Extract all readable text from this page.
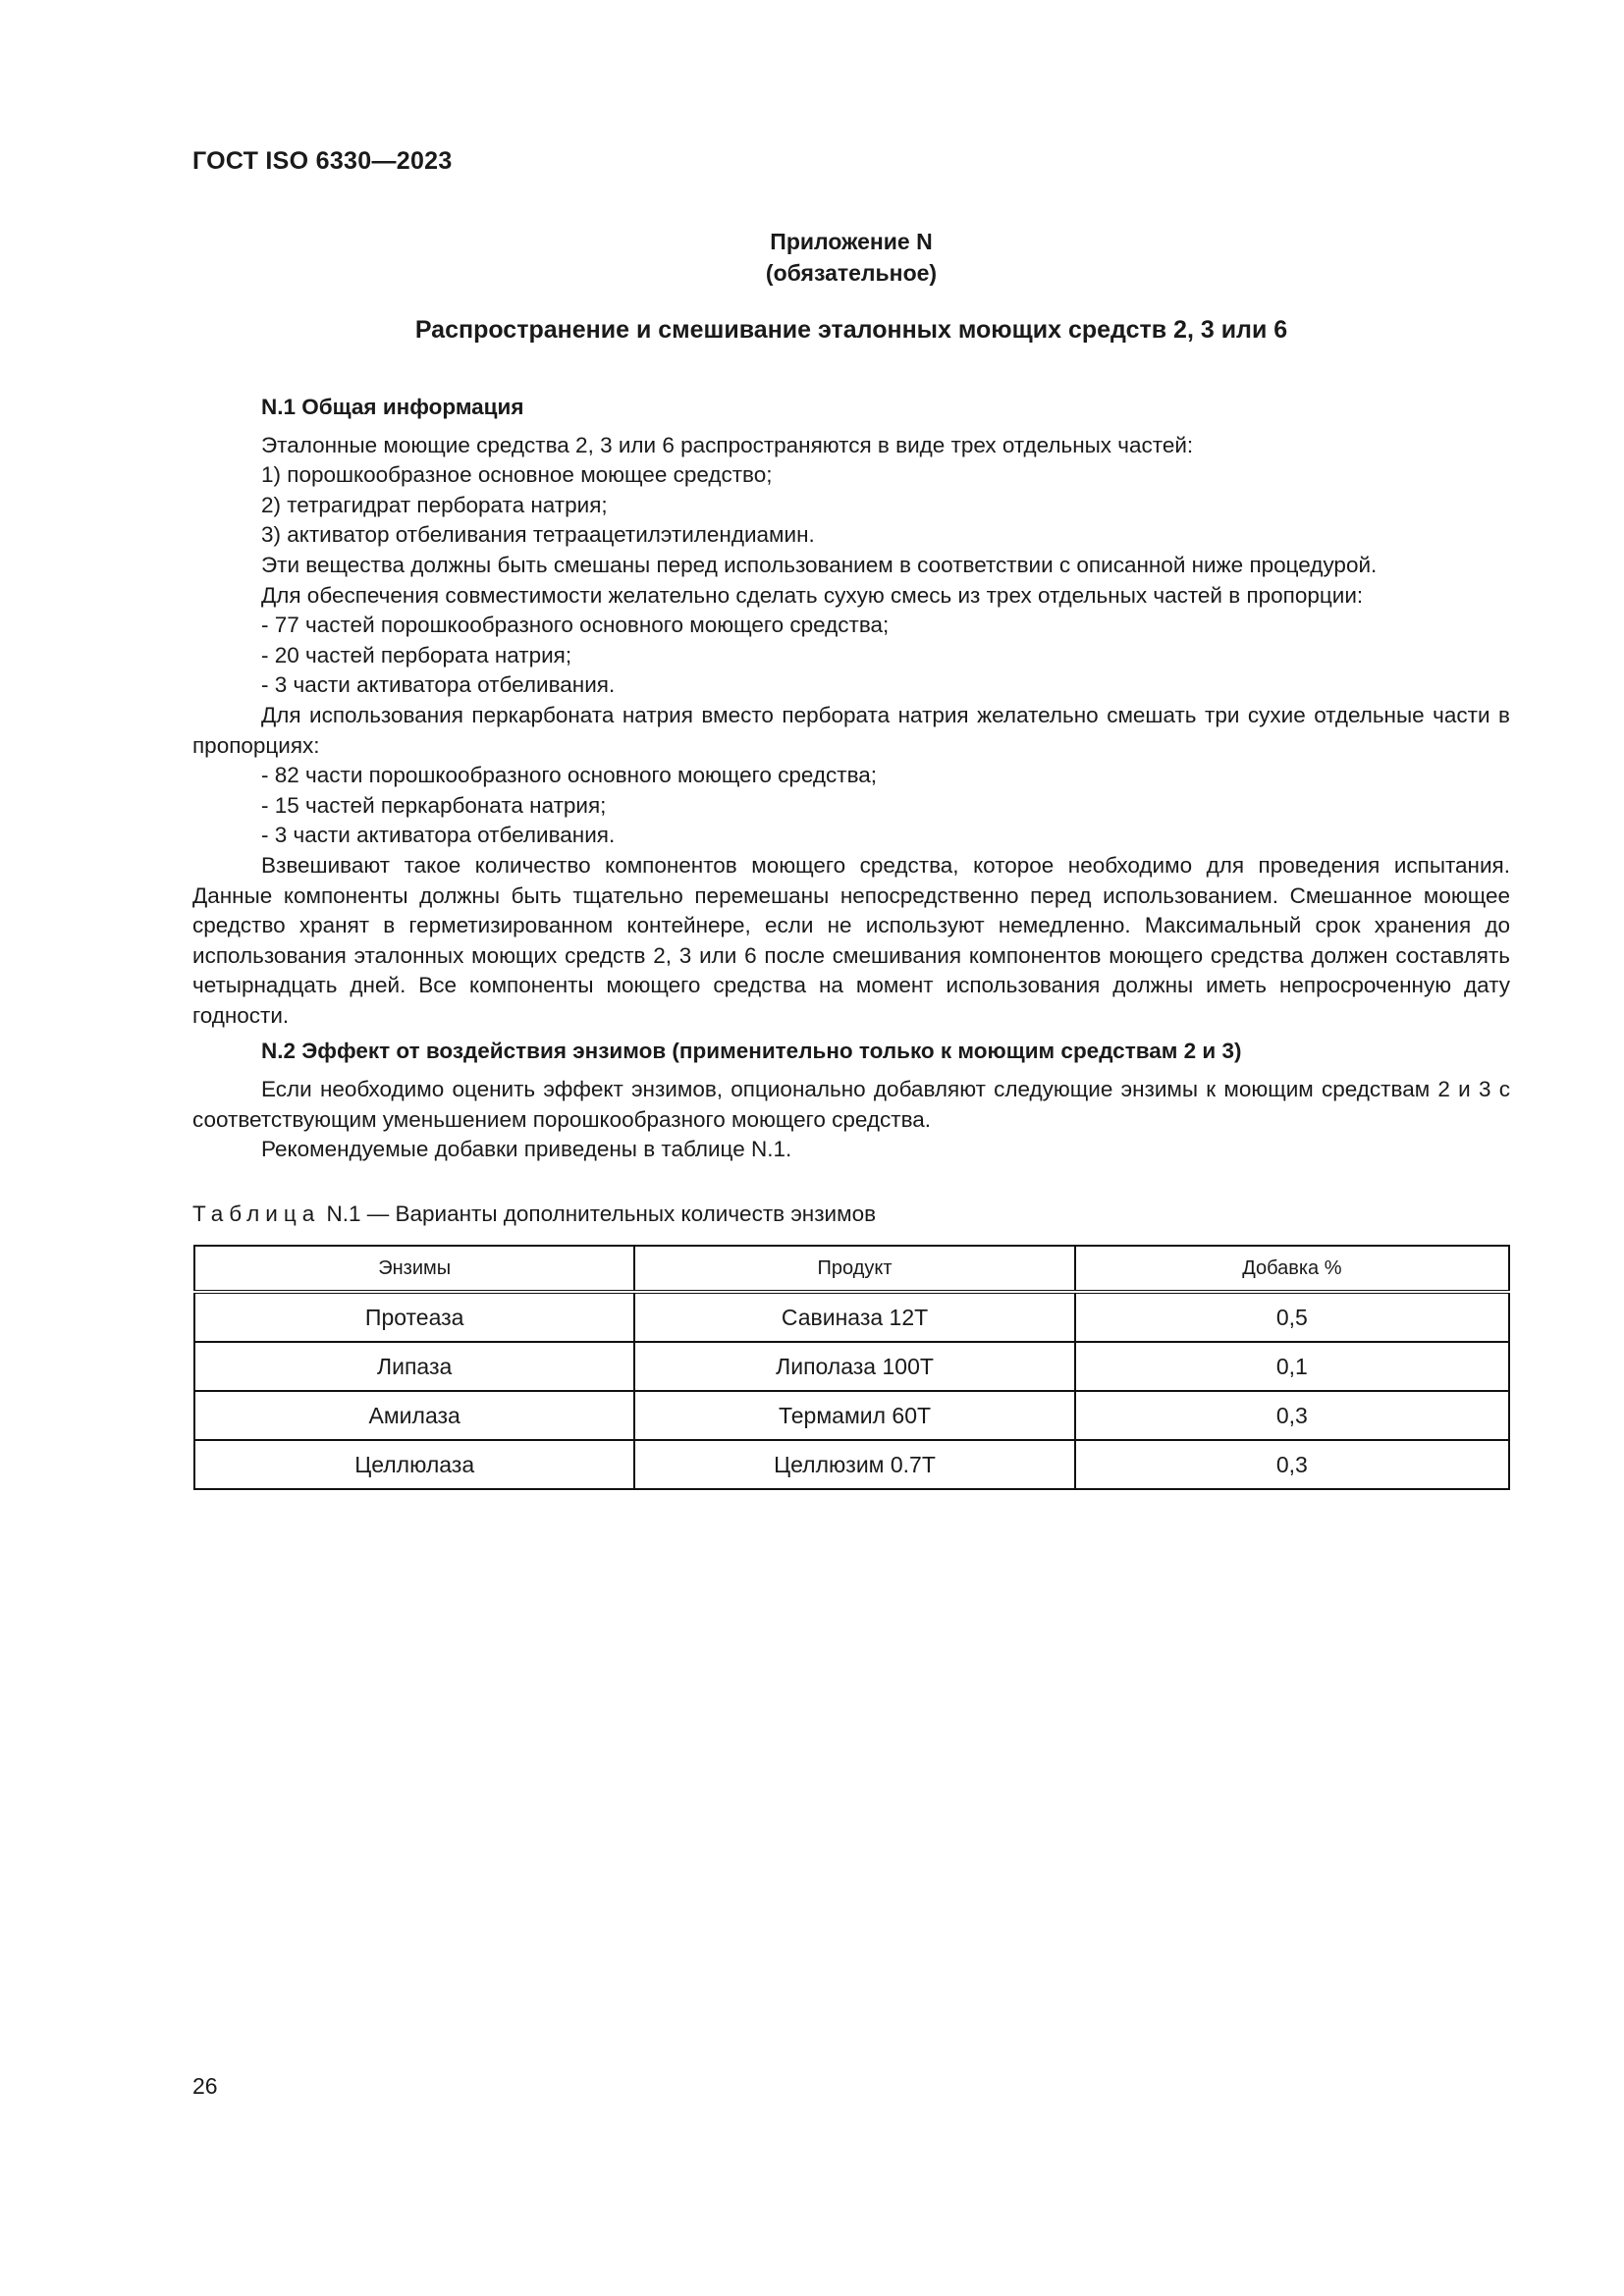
ГОСТ ISO 6330—2023
Приложение N
(обязательное)
Распространение и смешивание эталонных моющих средств 2, 3 или 6
N.1 Общая информация

Эталонные моющие средства 2, 3 или 6 распространяются в виде трех отдельных частей:

1) порошкообразное основное моющее средство;

2) тетрагидрат пербората натрия;

3) активатор отбеливания тетраацетилэтилендиамин.

Эти вещества должны быть смешаны перед использованием в соответствии с описанной ниже процедурой.

Для обеспечения совместимости желательно сделать сухую смесь из трех отдельных частей в пропорции:

- 77 частей порошкообразного основного моющего средства;

- 20 частей пербората натрия;

- 3 части активатора отбеливания.

Для использования перкарбоната натрия вместо пербората натрия желательно смешать три сухие отдельные части в пропорциях:

- 82 части порошкообразного основного моющего средства;

- 15 частей перкарбоната натрия;

- 3 части активатора отбеливания.

Взвешивают такое количество компонентов моющего средства, которое необходимо для проведения испытания. Данные компоненты должны быть тщательно перемешаны непосредственно перед использованием. Смешанное моющее средство хранят в герметизированном контейнере, если не используют немедленно. Максимальный срок хранения до использования эталонных моющих средств 2, 3 или 6 после смешивания компонентов моющего средства должен составлять четырнадцать дней. Все компоненты моющего средства на момент использования должны иметь непросроченную дату годности.

N.2 Эффект от воздействия энзимов (применительно только к моющим средствам 2 и 3)

Если необходимо оценить эффект энзимов, опционально добавляют следующие энзимы к моющим средствам 2 и 3 с соответствующим уменьшением порошкообразного моющего средства.

Рекомендуемые добавки приведены в таблице N.1.

Таблица N.1 — Варианты дополнительных количеств энзимов
Энзимы	Продукт	Добавка %
Протеаза	Савиназа 12Т	0,5
Липаза	Липолаза 100Т	0,1
Амилаза	Термамил 60Т	0,3
Целлюлаза	Целлюзим 0.7Т	0,3
26
